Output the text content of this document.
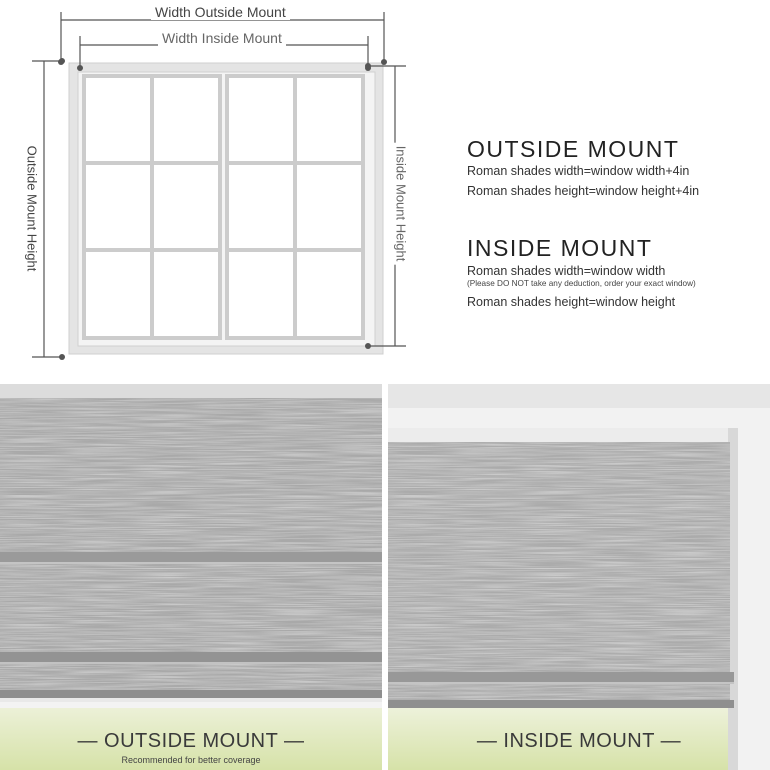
Width Outside Mount
Width Inside Mount
Outside Mount Height	Inside Mount Height	OUTSIDE MOUNT

Roman shades width=window width+4in

Roman shades height=window height+4in

INSIDE MOUNT

Roman shades width=window width

(Please DO NOT take any deduction, order your exact window)

Roman shades height=window height

— OUTSIDE MOUNT —
Recommended for better coverage
— INSIDE MOUNT —
